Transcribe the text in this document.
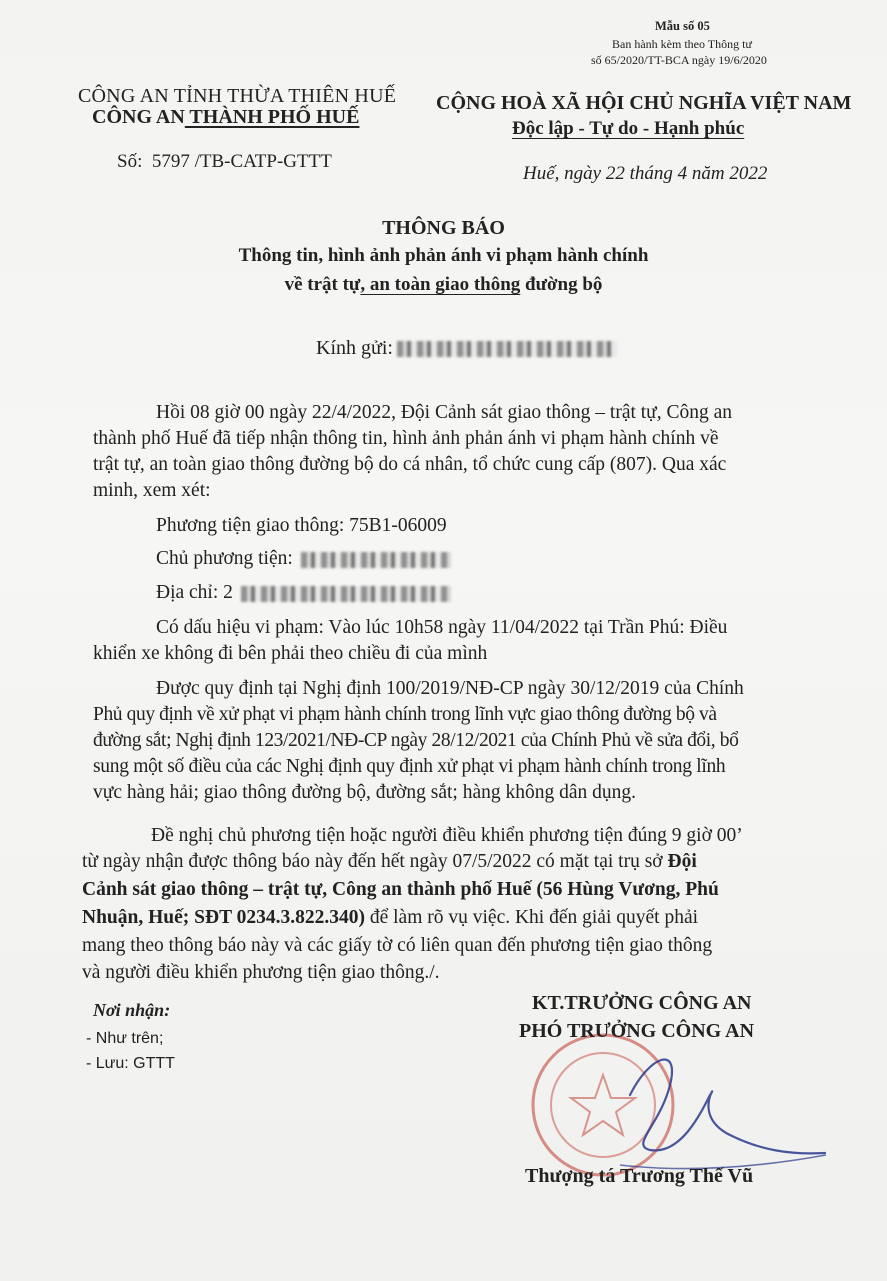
Mẫu số 05
Ban hành kèm theo Thông tư
số 65/2020/TT-BCA ngày 19/6/2020
CÔNG AN TỈNH THỪA THIÊN HUẾ
CÔNG AN THÀNH PHỐ HUẾ
Số: 5797 /TB-CATP-GTTT
CỘNG HOÀ XÃ HỘI CHỦ NGHĨA VIỆT NAM
Độc lập - Tự do - Hạnh phúc
Huế, ngày 22 tháng 4 năm 2022
THÔNG BÁO
Thông tin, hình ảnh phản ánh vi phạm hành chính
về trật tự, an toàn giao thông đường bộ
Kính gửi:
Hồi 08 giờ 00 ngày 22/4/2022, Đội Cảnh sát giao thông – trật tự, Công an
thành phố Huế đã tiếp nhận thông tin, hình ảnh phản ánh vi phạm hành chính về
trật tự, an toàn giao thông đường bộ do cá nhân, tổ chức cung cấp (807). Qua xác
minh, xem xét:
Phương tiện giao thông: 75B1-06009
Chủ phương tiện:
Địa chỉ: 2
Có dấu hiệu vi phạm: Vào lúc 10h58 ngày 11/04/2022 tại Trần Phú: Điều
khiển xe không đi bên phải theo chiều đi của mình
Được quy định tại Nghị định 100/2019/NĐ-CP ngày 30/12/2019 của Chính
Phủ quy định về xử phạt vi phạm hành chính trong lĩnh vực giao thông đường bộ và
đường sắt; Nghị định 123/2021/NĐ-CP ngày 28/12/2021 của Chính Phủ về sửa đổi, bổ
sung một số điều của các Nghị định quy định xử phạt vi phạm hành chính trong lĩnh
vực hàng hải; giao thông đường bộ, đường sắt; hàng không dân dụng.
Đề nghị chủ phương tiện hoặc người điều khiển phương tiện đúng 9 giờ 00’
từ ngày nhận được thông báo này đến hết ngày 07/5/2022 có mặt tại trụ sở Đội
Cảnh sát giao thông – trật tự, Công an thành phố Huế (56 Hùng Vương, Phú
Nhuận, Huế; SĐT 0234.3.822.340) để làm rõ vụ việc. Khi đến giải quyết phải
mang theo thông báo này và các giấy tờ có liên quan đến phương tiện giao thông
và người điều khiển phương tiện giao thông./.
Nơi nhận:
- Như trên;
- Lưu: GTTT
KT.TRƯỞNG CÔNG AN
PHÓ TRƯỞNG CÔNG AN
Thượng tá Trương Thế Vũ
